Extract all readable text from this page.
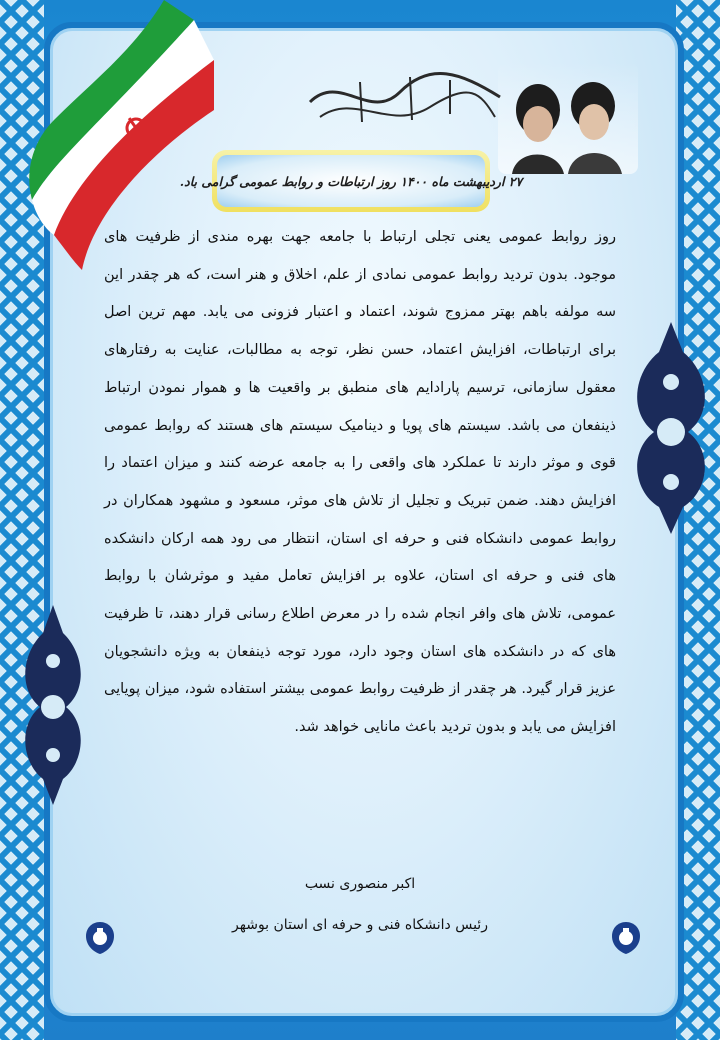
۲۷ اردیبهشت ماه ۱۴۰۰ روز ارتباطات و روابط عمومی گرامی باد.

روز روابط عمومی یعنی تجلی ارتباط با جامعه جهت بهره مندی از ظرفیت های موجود. بدون تردید روابط عمومی نمادی از علم، اخلاق و هنر است، که هر چقدر این سه مولفه باهم بهتر ممزوج شوند، اعتماد و اعتبار فزونی می یابد. مهم ترین اصل برای ارتباطات، افزایش اعتماد، حسن نظر، توجه به مطالبات، عنایت به رفتارهای معقول سازمانی، ترسیم پارادایم های منطبق بر واقعیت ها و هموار نمودن ارتباط ذینفعان می باشد. سیستم های پویا و دینامیک سیستم های هستند که روابط عمومی قوی و موثر دارند تا عملکرد های واقعی را به جامعه عرضه کنند و میزان اعتماد را افزایش دهند. ضمن تبریک و تجلیل از تلاش های موثر، مسعود و مشهود همکاران در روابط عمومی دانشکاه فنی و حرفه ای استان، انتظار می رود همه ارکان دانشکده های فنی و حرفه ای استان، علاوه بر افزایش تعامل مفید و موثرشان با روابط عمومی، تلاش های وافر انجام شده را در معرض اطلاع رسانی قرار دهند، تا ظرفیت های که در دانشکده های استان وجود دارد، مورد توجه ذینفعان به ویژه دانشجویان عزیز قرار گیرد. هر چقدر از ظرفیت روابط عمومی بیشتر استفاده شود، میزان پویایی افزایش می یابد و بدون تردید باعث مانایی خواهد شد.

اکبر منصوری نسب
رئیس دانشکاه فنی و حرفه ای استان بوشهر
